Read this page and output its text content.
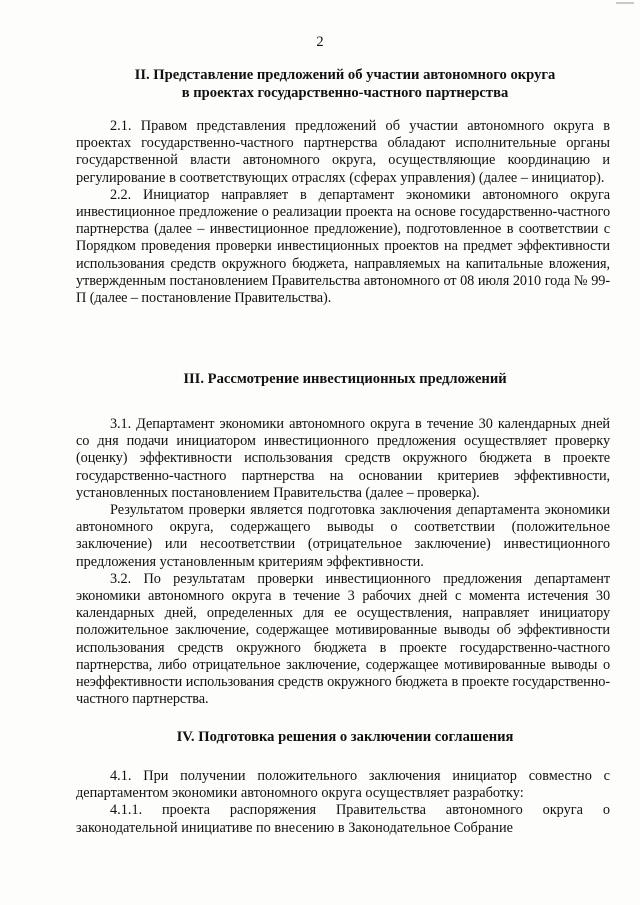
2
II. Представление предложений об участии автономного округа
в проектах государственно-частного партнерства

2.1. Правом представления предложений об участии автономного округа в проектах государственно-частного партнерства обладают исполнительные органы государственной власти автономного округа, осуществляющие координацию и регулирование в соответствующих отраслях (сферах управления) (далее – инициатор).

2.2. Инициатор направляет в департамент экономики автономного округа инвестиционное предложение о реализации проекта на основе государственно-частного партнерства (далее – инвестиционное предложение), подготовленное в соответствии с Порядком проведения проверки инвестиционных проектов на предмет эффективности использования средств окружного бюджета, направляемых на капитальные вложения, утвержденным постановлением Правительства автономного от 08 июля 2010 года № 99-П (далее – постановление Правительства).

III. Рассмотрение инвестиционных предложений

3.1. Департамент экономики автономного округа в течение 30 календарных дней со дня подачи инициатором инвестиционного предложения осуществляет проверку (оценку) эффективности использования средств окружного бюджета в проекте государственно-частного партнерства на основании критериев эффективности, установленных постановлением Правительства (далее – проверка).

Результатом проверки является подготовка заключения департамента экономики автономного округа, содержащего выводы о соответствии (положительное заключение) или несоответствии (отрицательное заключение) инвестиционного предложения установленным критериям эффективности.

3.2. По результатам проверки инвестиционного предложения департамент экономики автономного округа в течение 3 рабочих дней с момента истечения 30 календарных дней, определенных для ее осуществления, направляет инициатору положительное заключение, содержащее мотивированные выводы об эффективности использования средств окружного бюджета в проекте государственно-частного партнерства, либо отрицательное заключение, содержащее мотивированные выводы о неэффективности использования средств окружного бюджета в проекте государственно-частного партнерства.

IV. Подготовка решения о заключении соглашения

4.1. При получении положительного заключения инициатор совместно с департаментом экономики автономного округа осуществляет разработку:

4.1.1. проекта распоряжения Правительства автономного округа о законодательной инициативе по внесению в Законодательное Собрание
